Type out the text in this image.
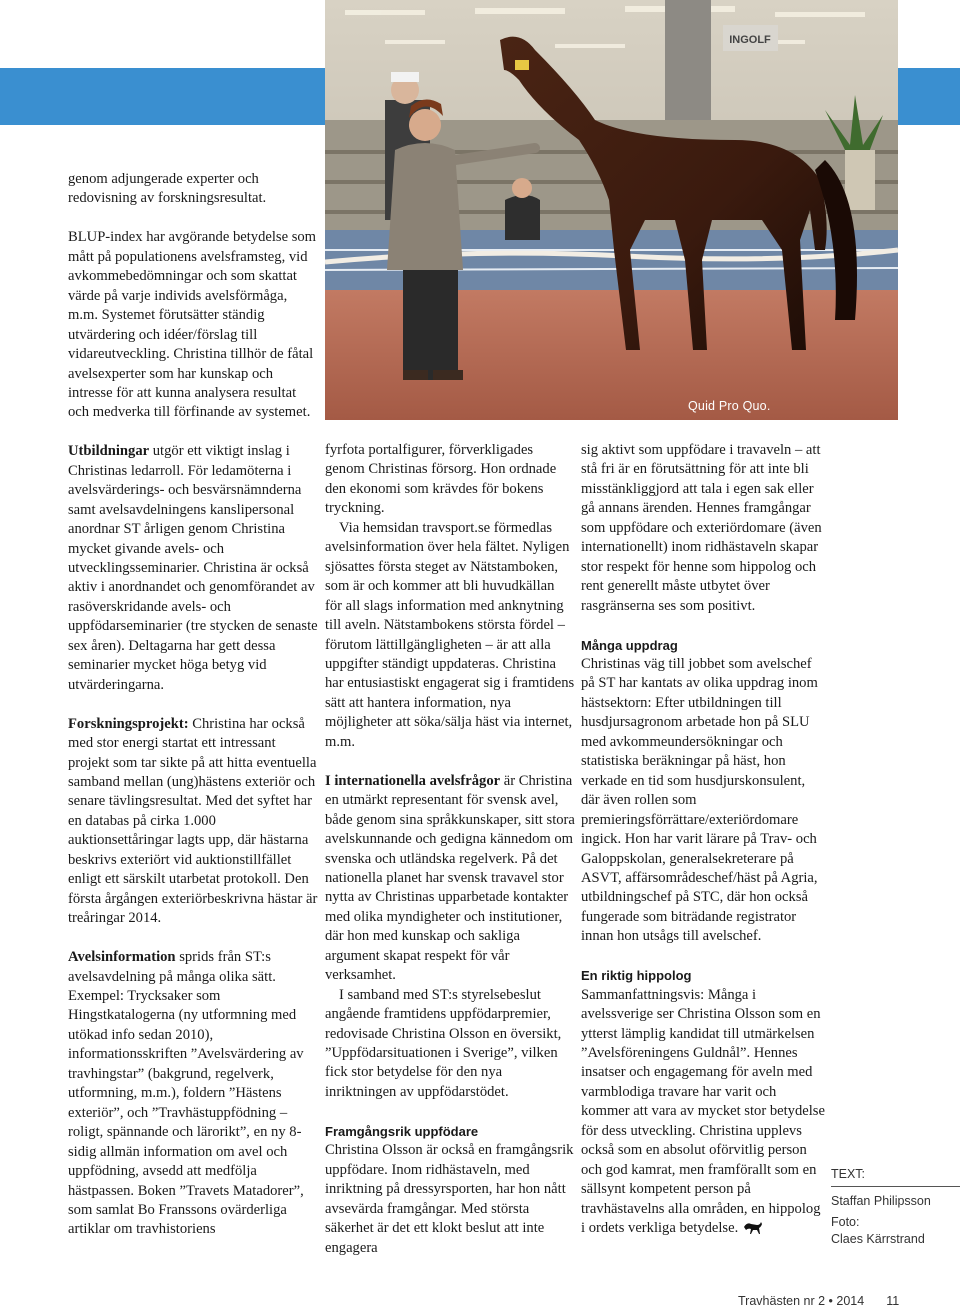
INGOLF
Quid Pro Quo.

genom adjungerade experter och redovisning av forskningsresultat.

BLUP-index har avgörande betydelse som mått på populationens avelsframsteg, vid avkommebedömningar och som skattat värde på varje individs avelsförmåga, m.m. Systemet förutsätter ständig utvärdering och idéer/förslag till vidareutveckling. Christina tillhör de fåtal avelsexperter som har kunskap och intresse för att kunna analysera resultat och medverka till förfinande av systemet.

Utbildningar utgör ett viktigt inslag i Christinas ledarroll. För ledamöterna i avelsvärderings- och besvärsnämnderna samt avelsavdelningens kanslipersonal anordnar ST årligen genom Christina mycket givande avels- och utvecklingsseminarier. Christina är också aktiv i anordnandet och genomförandet av rasöverskridande avels- och uppfödarseminarier (tre stycken de senaste sex åren). Deltagarna har gett dessa seminarier mycket höga betyg vid utvärderingarna.

Forskningsprojekt: Christina har också med stor energi startat ett intressant projekt som tar sikte på att hitta eventuella samband mellan (ung)hästens exteriör och senare tävlingsresultat. Med det syftet har en databas på cirka 1.000 auktionsettåringar lagts upp, där hästarna beskrivs exteriört vid auktionstillfället enligt ett särskilt utarbetat protokoll. Den första årgången exteriörbeskrivna hästar är treåringar 2014.

Avelsinformation sprids från ST:s avelsavdelning på många olika sätt. Exempel: Trycksaker som Hingstkatalogerna (ny utformning med utökad info sedan 2010), informationsskriften ”Avelsvärdering av travhingstar” (bakgrund, regelverk, utformning, m.m.), foldern ”Hästens exteriör”, och ”Travhästuppfödning – roligt, spännande och lärorikt”, en ny 8-sidig allmän information om avel och uppfödning, avsedd att medfölja hästpassen. Boken ”Travets Matadorer”, som samlat Bo Franssons ovärderliga artiklar om travhistoriens

fyrfota portalfigurer, förverkligades genom Christinas försorg. Hon ordnade den ekonomi som krävdes för bokens tryckning.

Via hemsidan travsport.se förmedlas avelsinformation över hela fältet. Nyligen sjösattes första steget av Nätstamboken, som är och kommer att bli huvudkällan för all slags information med anknytning till aveln. Nätstambokens största fördel – förutom lättillgängligheten – är att alla uppgifter ständigt uppdateras. Christina har entusiastiskt engagerat sig i framtidens sätt att hantera information, nya möjligheter att söka/sälja häst via internet, m.m.

I internationella avelsfrågor är Christina en utmärkt representant för svensk avel, både genom sina språkkunskaper, sitt stora avelskunnande och gedigna kännedom om svenska och utländska regelverk. På det nationella planet har svensk travavel stor nytta av Christinas upparbetade kontakter med olika myndigheter och institutioner, där hon med kunskap och sakliga argument skapat respekt för vår verksamhet.

I samband med ST:s styrelsebeslut angående framtidens uppfödarpremier, redovisade Christina Olsson en översikt, ”Uppfödarsituationen i Sverige”, vilken fick stor betydelse för den nya inriktningen av uppfödarstödet.

Framgångsrik uppfödare

Christina Olsson är också en framgångsrik uppfödare. Inom ridhästaveln, med inriktning på dressyrsporten, har hon nått avsevärda framgångar. Med största säkerhet är det ett klokt beslut att inte engagera

sig aktivt som uppfödare i travaveln – att stå fri är en förutsättning för att inte bli misstänkliggjord att tala i egen sak eller gå annans ärenden. Hennes framgångar som uppfödare och exteriördomare (även internationellt) inom ridhästaveln skapar stor respekt för henne som hippolog och rent generellt måste utbytet över rasgränserna ses som positivt.

Många uppdrag

Christinas väg till jobbet som avelschef på ST har kantats av olika uppdrag inom hästsektorn: Efter utbildningen till husdjursagronom arbetade hon på SLU med avkommeundersökningar och statistiska beräkningar på häst, hon verkade en tid som husdjurskonsulent, där även rollen som premieringsförrättare/exteriördomare ingick. Hon har varit lärare på Trav- och Galoppskolan, generalsekreterare på ASVT, affärsområdeschef/häst på Agria, utbildningschef på STC, där hon också fungerade som biträdande registrator innan hon utsågs till avelschef.

En riktig hippolog

Sammanfattningsvis: Många i avelssverige ser Christina Olsson som en ytterst lämplig kandidat till utmärkelsen ”Avelsföreningens Guldnål”. Hennes insatser och engagemang för aveln med varmblodiga travare har varit och kommer att vara av mycket stor betydelse för dess utveckling. Christina upplevs också som en absolut oförvitlig person och god kamrat, men framförallt som en sällsynt kompetent person på travhästavelns alla områden, en hippolog i ordets verkliga betydelse.

TEXT:
Staffan Philipsson
Foto:
Claes Kärrstrand
Travhästen nr 2 • 2014 11
